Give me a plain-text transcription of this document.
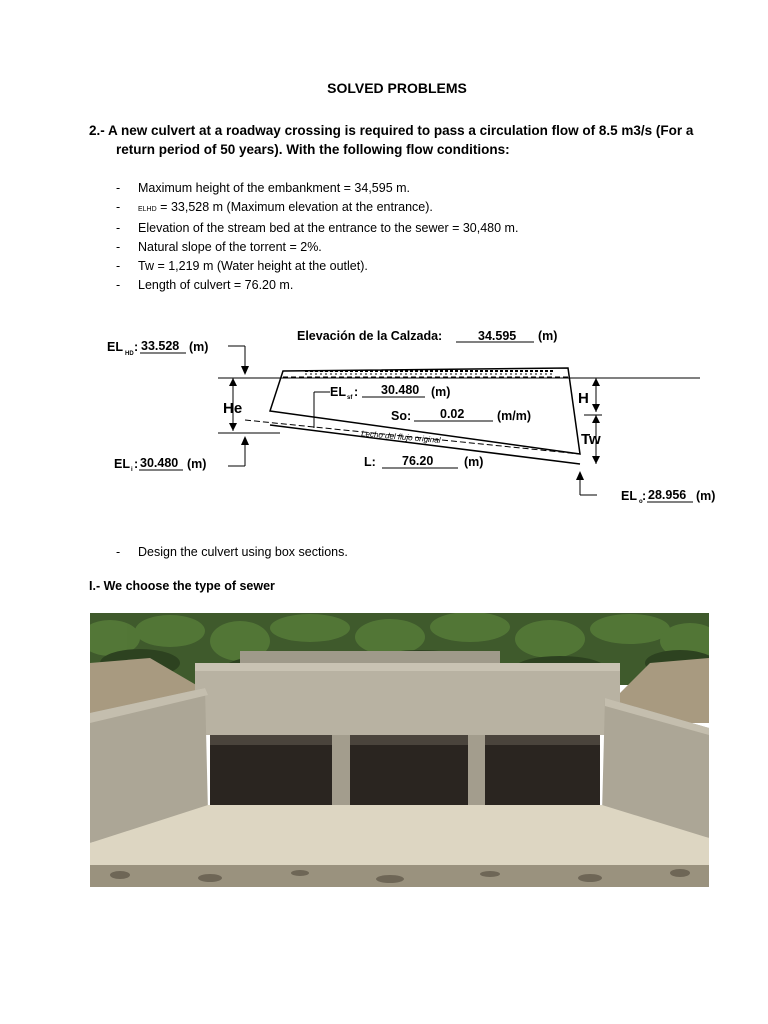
SOLVED PROBLEMS
2.- A new culvert at a roadway crossing is required to pass a circulation flow of 8.5 m3/s (For a
return period of 50 years). With the following flow conditions:
- Maximum height of the embankment = 34,595 m.
- ELHD = 33,528 m (Maximum elevation at the entrance).
- Elevation of the stream bed at the entrance to the sewer = 30,480 m.
- Natural slope of the torrent = 2%.
- Tw = 1,219 m (Water height at the outlet).
- Length of culvert = 76.20 m.
Elevación de la Calzada:	34.595 (m)
EL HD : 33.528 (m)
EL i : 30.480 (m)
He
EL sf : 30.480 (m)
So: 0.02	(m/m)
Lecho del flujo original
L: 76.20 (m)
H
Tw
EL o : 28.956 (m)
- Design the culvert using box sections.
I.- We choose the type of sewer
